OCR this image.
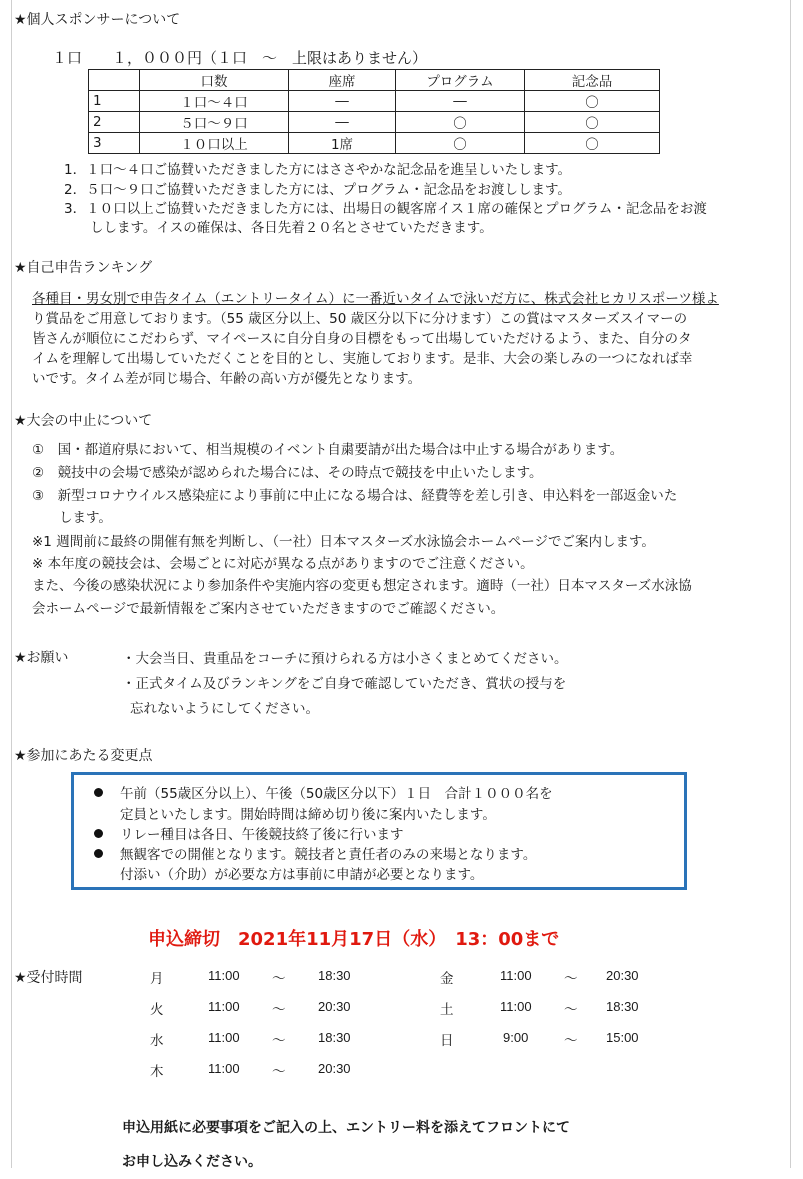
★個人スポンサーについて
１口　　１，０００円（１口　～　上限はありません）
	口数	座席	プログラム	記念品
1	１口～４口	―	―	〇
2	５口～９口	―	〇	〇
3	１０口以上	1席	〇	〇
1．１口～４口ご協賛いただきました方にはささやかな記念品を進呈しいたします。
2．５口～９口ご協賛いただきました方には、プログラム・記念品をお渡しします。
3．１０口以上ご協賛いただきました方には、出場日の観客席イス１席の確保とプログラム・記念品をお渡
しします。イスの確保は、各日先着２０名とさせていただきます。
★自己申告ランキング
各種目・男女別で申告タイム（エントリータイム）に一番近いタイムで泳いだ方に、株式会社ヒカリスポーツ様よ
り賞品をご用意しております。（55 歳区分以上、50 歳区分以下に分けます）この賞はマスターズスイマーの
皆さんが順位にこだわらず、マイペースに自分自身の目標をもって出場していただけるよう、また、自分のタ
イムを理解して出場していただくことを目的とし、実施しております。是非、大会の楽しみの一つになれば幸
いです。タイム差が同じ場合、年齢の高い方が優先となります。
★大会の中止について
①　国・都道府県において、相当規模のイベント自粛要請が出た場合は中止する場合があります。
②　競技中の会場で感染が認められた場合には、その時点で競技を中止いたします。
③　新型コロナウイルス感染症により事前に中止になる場合は、経費等を差し引き、申込料を一部返金いた
　　します。
※1 週間前に最終の開催有無を判断し、（一社）日本マスターズ水泳協会ホームページでご案内します。
※ 本年度の競技会は、会場ごとに対応が異なる点がありますのでご注意ください。
また、今後の感染状況により参加条件や実施内容の変更も想定されます。適時（一社）日本マスターズ水泳協
会ホームページで最新情報をご案内させていただきますのでご確認ください。
★お願い	・大会当日、貴重品をコーチに預けられる方は小さくまとめてください。
・正式タイム及びランキングをご自身で確認していただき、賞状の授与を
忘れないようにしてください。
★参加にあたる変更点
午前（55歳区分以上）、午後（50歳区分以下）１日　合計１０００名を
定員といたします。開始時間は締め切り後に案内いたします。
リレー種目は各日、午後競技終了後に行います
無観客での開催となります。競技者と責任者のみの来場となります。
付添い（介助）が必要な方は事前に申請が必要となります。
申込締切　2021年11月17日（水）　13：00まで
★受付時間	月	11:00 ～	18:30
火	11:00 ～	20:30
水	11:00 ～	18:30
木	11:00 ～	20:30
金	11:00 ～ 20:30
土	11:00 ～ 18:30
日	9:00	～ 15:00
申込用紙に必要事項をご記入の上、エントリー料を添えてフロントにて
お申し込みください。
